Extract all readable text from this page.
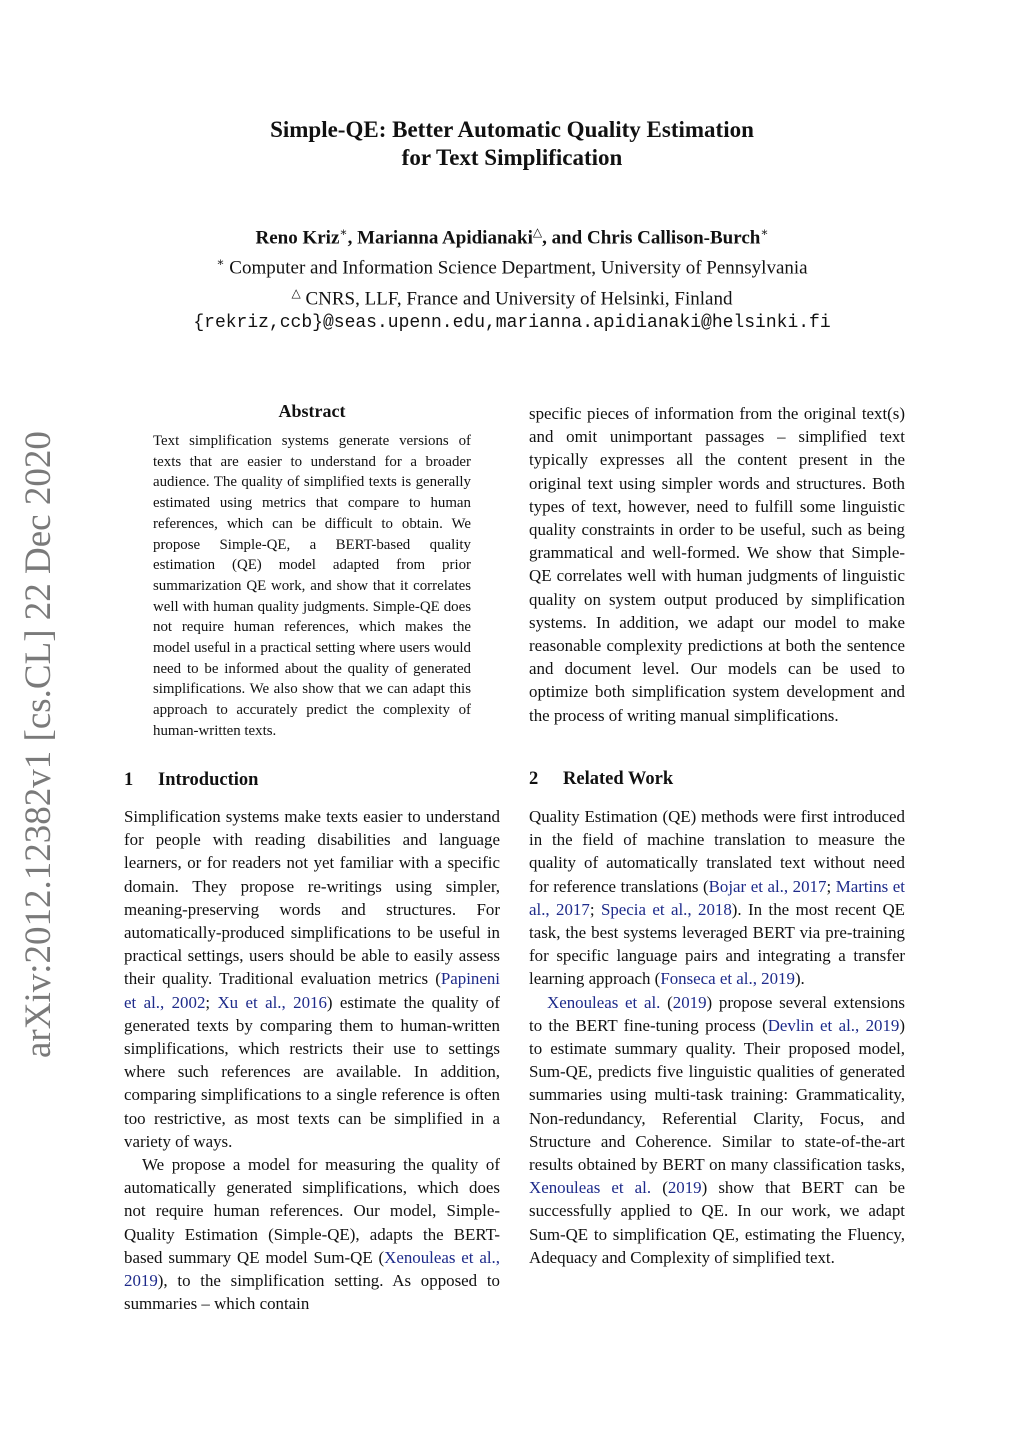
Simple-QE: Better Automatic Quality Estimation
for Text Simplification
Reno Kriz∗, Marianna Apidianaki△, and Chris Callison-Burch∗
∗ Computer and Information Science Department, University of Pennsylvania
△ CNRS, LLF, France and University of Helsinki, Finland
{rekriz,ccb}@seas.upenn.edu,marianna.apidianaki@helsinki.fi
arXiv:2012.12382v1 [cs.CL] 22 Dec 2020
Abstract
Text simplification systems generate versions of texts that are easier to understand for a broader audience. The quality of simplified texts is generally estimated using metrics that compare to human references, which can be difficult to obtain. We propose Simple-QE, a BERT-based quality estimation (QE) model adapted from prior summarization QE work, and show that it correlates well with human quality judgments. Simple-QE does not require human references, which makes the model useful in a practical setting where users would need to be informed about the quality of generated simplifications. We also show that we can adapt this approach to accurately predict the complexity of human-written texts.
1 Introduction

Simplification systems make texts easier to understand for people with reading disabilities and language learners, or for readers not yet familiar with a specific domain. They propose re-writings using simpler, meaning-preserving words and structures. For automatically-produced simplifications to be useful in practical settings, users should be able to easily assess their quality. Traditional evaluation metrics (Papineni et al., 2002; Xu et al., 2016) estimate the quality of generated texts by comparing them to human-written simplifications, which restricts their use to settings where such references are available. In addition, comparing simplifications to a single reference is often too restrictive, as most texts can be simplified in a variety of ways.

We propose a model for measuring the quality of automatically generated simplifications, which does not require human references. Our model, Simple-Quality Estimation (Simple-QE), adapts the BERT-based summary QE model Sum-QE (Xenouleas et al., 2019), to the simplification setting. As opposed to summaries – which contain

specific pieces of information from the original text(s) and omit unimportant passages – simplified text typically expresses all the content present in the original text using simpler words and structures. Both types of text, however, need to fulfill some linguistic quality constraints in order to be useful, such as being grammatical and well-formed. We show that Simple-QE correlates well with human judgments of linguistic quality on system output produced by simplification systems. In addition, we adapt our model to make reasonable complexity predictions at both the sentence and document level. Our models can be used to optimize both simplification system development and the process of writing manual simplifications.

2 Related Work

Quality Estimation (QE) methods were first introduced in the field of machine translation to measure the quality of automatically translated text without need for reference translations (Bojar et al., 2017; Martins et al., 2017; Specia et al., 2018). In the most recent QE task, the best systems leveraged BERT via pre-training for specific language pairs and integrating a transfer learning approach (Fonseca et al., 2019).

Xenouleas et al. (2019) propose several extensions to the BERT fine-tuning process (Devlin et al., 2019) to estimate summary quality. Their proposed model, Sum-QE, predicts five linguistic qualities of generated summaries using multi-task training: Grammaticality, Non-redundancy, Referential Clarity, Focus, and Structure and Coherence. Similar to state-of-the-art results obtained by BERT on many classification tasks, Xenouleas et al. (2019) show that BERT can be successfully applied to QE. In our work, we adapt Sum-QE to simplification QE, estimating the Fluency, Adequacy and Complexity of simplified text.
